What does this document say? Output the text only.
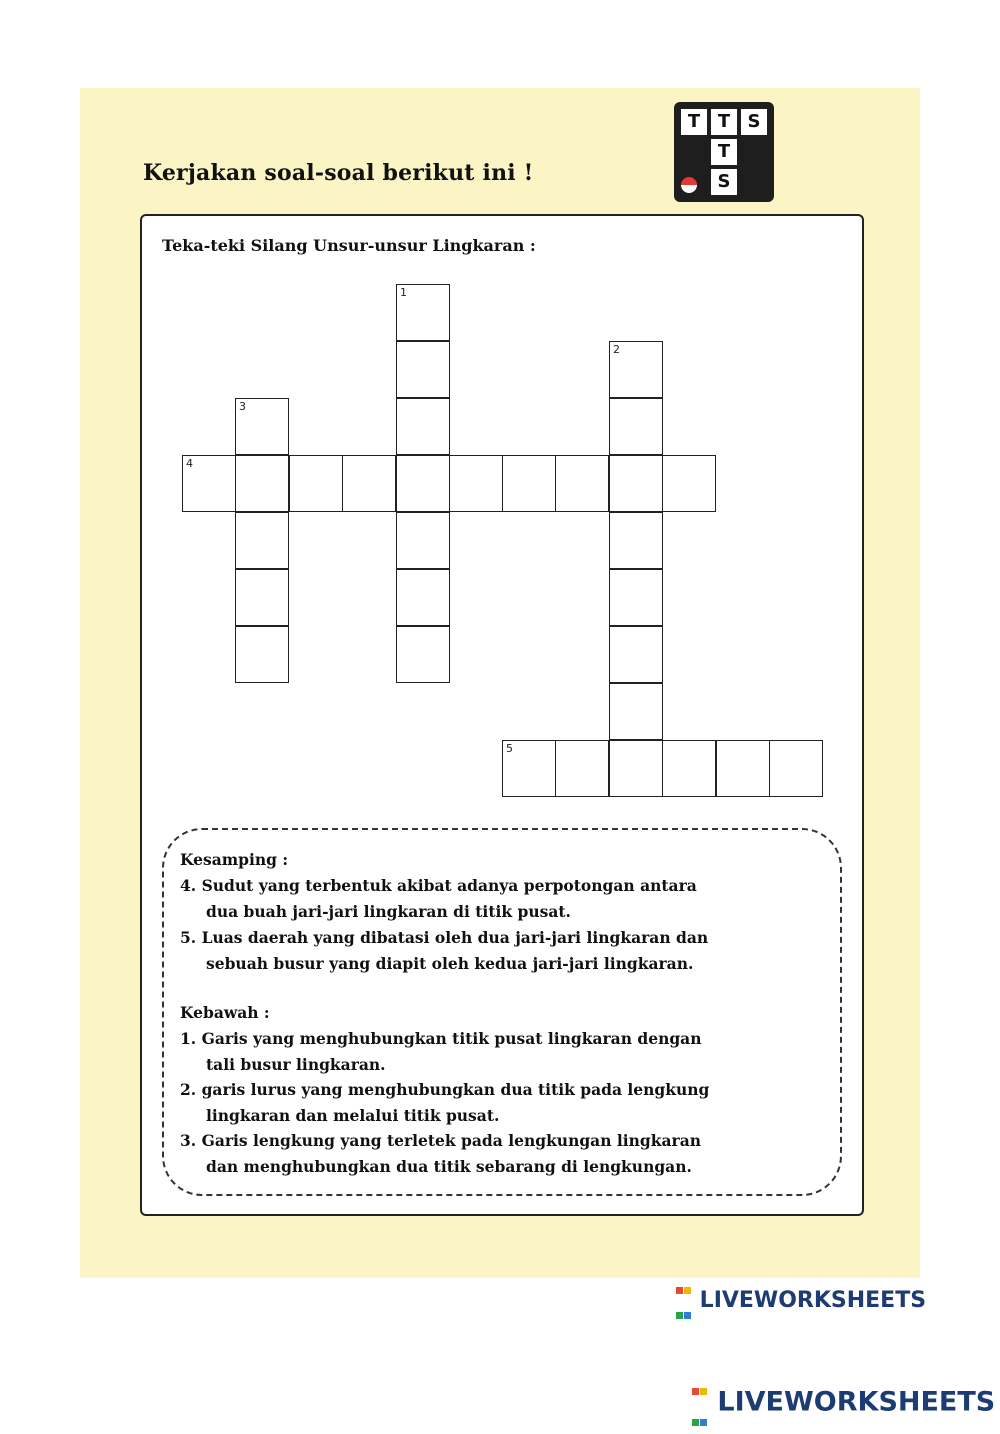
Kerjakan soal-soal berikut ini !
T T S
T
S
Teka-teki Silang Unsur-unsur Lingkaran :
1
2
3
4
5
Kesamping :
4. Sudut yang terbentuk akibat adanya perpotongan antara
dua buah jari-jari lingkaran di titik pusat.
5. Luas daerah yang dibatasi oleh dua jari-jari lingkaran dan
sebuah busur yang diapit oleh kedua jari-jari lingkaran.
Kebawah :
1. Garis yang menghubungkan titik pusat lingkaran dengan
tali busur lingkaran.
2. garis lurus yang menghubungkan dua titik pada lengkung
lingkaran dan melalui titik pusat.
3. Garis lengkung yang terletek pada lengkungan lingkaran
dan menghubungkan dua titik sebarang di lengkungan.

LIVEWORKSHEETS

LIVEWORKSHEETS
